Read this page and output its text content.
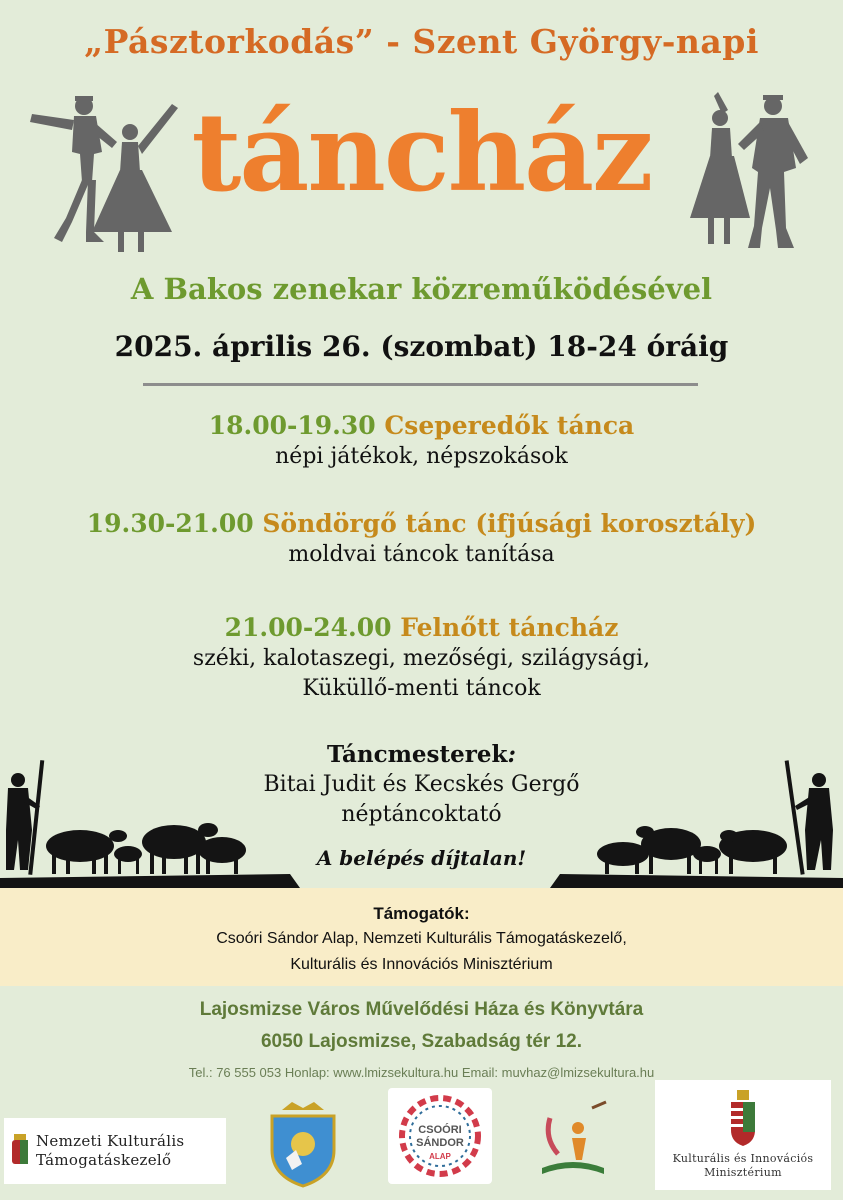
„Pásztorkodás” - Szent György-napi
táncház
A Bakos zenekar közreműködésével
2025. április 26. (szombat) 18-24 óráig
18.00-19.30 Cseperedők tánca
népi játékok, népszokások
19.30-21.00 Söndörgő tánc (ifjúsági korosztály)
moldvai táncok tanítása
21.00-24.00 Felnőtt táncház
széki, kalotaszegi, mezőségi, szilágysági,
Küküllő-menti táncok
Táncmesterek:
Bitai Judit és Kecskés Gergő
néptáncoktató
A belépés díjtalan!
Támogatók:
Csoóri Sándor Alap, Nemzeti Kulturális Támogatáskezelő,
Kulturális és Innovációs Minisztérium
Lajosmizse Város Művelődési Háza és Könyvtára
6050 Lajosmizse, Szabadság tér 12.
Tel.: 76 555 053 Honlap: www.lmizsekultura.hu Email: muvhaz@lmizsekultura.hu
Nemzeti Kulturális
Támogatáskezelő
CSOÓRI
SÁNDOR
ALAP	Kulturális és Innovációs
Minisztérium
